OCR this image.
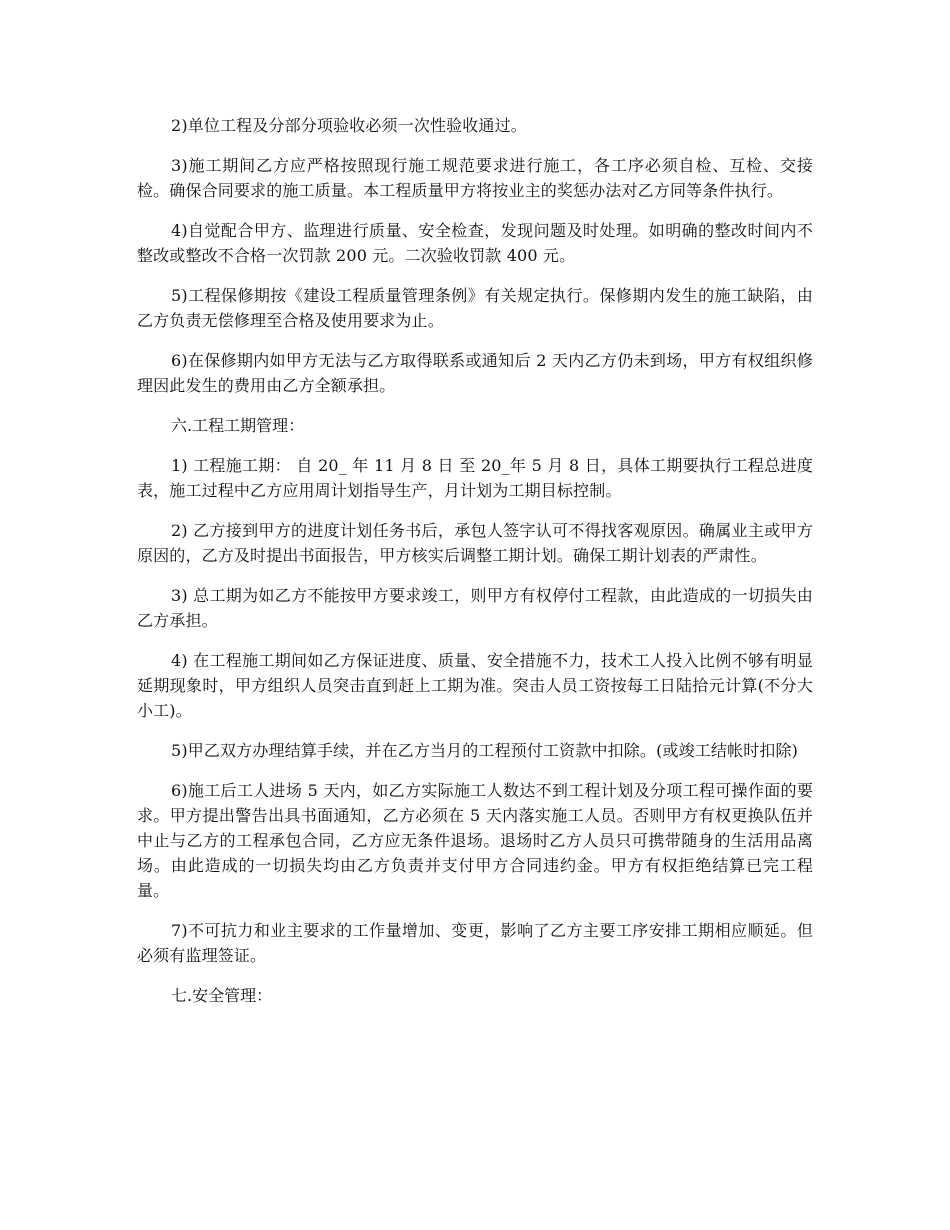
2)单位工程及分部分项验收必须一次性验收通过。

3)施工期间乙方应严格按照现行施工规范要求进行施工，各工序必须自检、互检、交接检。确保合同要求的施工质量。本工程质量甲方将按业主的奖惩办法对乙方同等条件执行。

4)自觉配合甲方、监理进行质量、安全检查，发现问题及时处理。如明确的整改时间内不整改或整改不合格一次罚款 200 元。二次验收罚款 400 元。

5)工程保修期按《建设工程质量管理条例》有关规定执行。保修期内发生的施工缺陷，由乙方负责无偿修理至合格及使用要求为止。

6)在保修期内如甲方无法与乙方取得联系或通知后 2 天内乙方仍未到场，甲方有权组织修理因此发生的费用由乙方全额承担。

六.工程工期管理：

1) 工程施工期： 自 20_ 年 11 月 8 日 至 20_年 5 月 8 日，具体工期要执行工程总进度表，施工过程中乙方应用周计划指导生产，月计划为工期目标控制。

2) 乙方接到甲方的进度计划任务书后，承包人签字认可不得找客观原因。确属业主或甲方原因的，乙方及时提出书面报告，甲方核实后调整工期计划。确保工期计划表的严肃性。

3) 总工期为如乙方不能按甲方要求竣工，则甲方有权停付工程款，由此造成的一切损失由乙方承担。

4) 在工程施工期间如乙方保证进度、质量、安全措施不力，技术工人投入比例不够有明显延期现象时，甲方组织人员突击直到赶上工期为准。突击人员工资按每工日陆拾元计算(不分大小工)。

5)甲乙双方办理结算手续，并在乙方当月的工程预付工资款中扣除。(或竣工结帐时扣除)

6)施工后工人进场 5 天内，如乙方实际施工人数达不到工程计划及分项工程可操作面的要求。甲方提出警告出具书面通知，乙方必须在 5 天内落实施工人员。否则甲方有权更换队伍并中止与乙方的工程承包合同，乙方应无条件退场。退场时乙方人员只可携带随身的生活用品离场。由此造成的一切损失均由乙方负责并支付甲方合同违约金。甲方有权拒绝结算已完工程量。

7)不可抗力和业主要求的工作量增加、变更，影响了乙方主要工序安排工期相应顺延。但必须有监理签证。

七.安全管理：
